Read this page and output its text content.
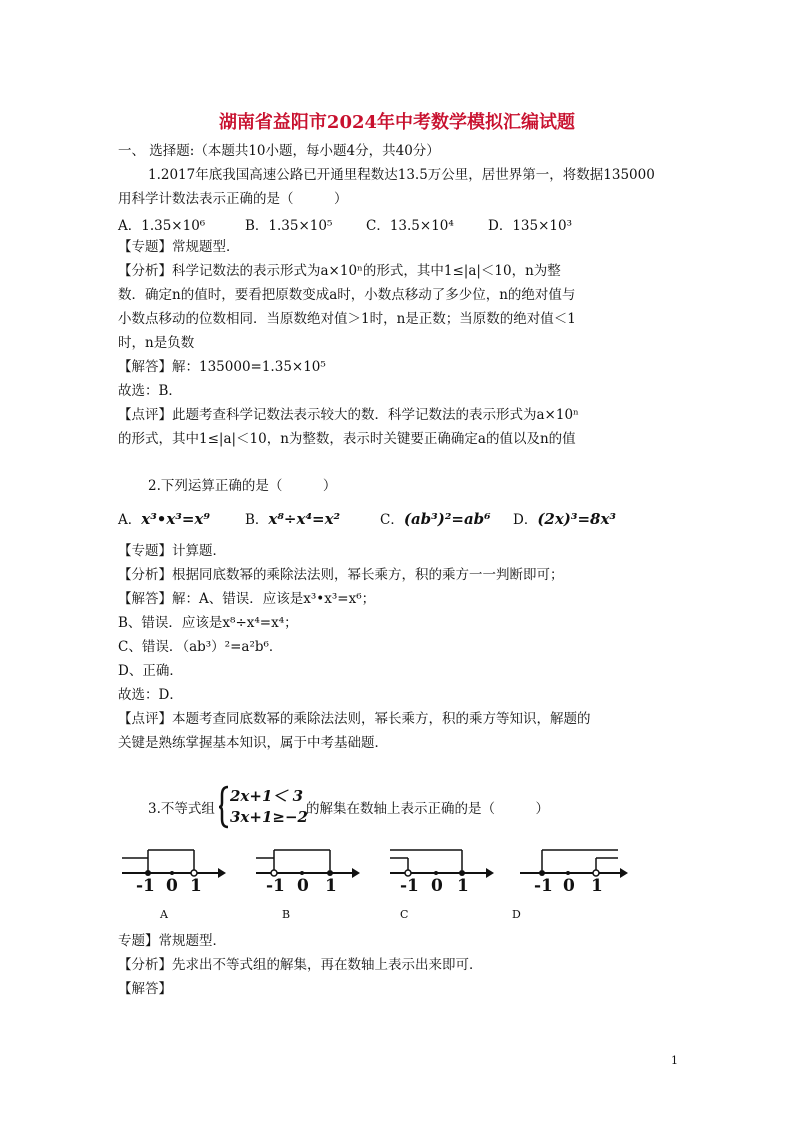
湖南省益阳市2024年中考数学模拟汇编试题
一、 选择题:（本题共10小题，每小题4分，共40分）
1.2017年底我国高速公路已开通里程数达13.5万公里，居世界第一，将数据135000
用科学计数法表示正确的是（　　　）
A．1.35×10⁶	B．1.35×10⁵ C．13.5×10⁴	D．135×10³
【专题】常规题型．
【分析】科学记数法的表示形式为a×10ⁿ的形式，其中1≤|a|＜10，n为整
数．确定n的值时，要看把原数变成a时，小数点移动了多少位，n的绝对值与
小数点移动的位数相同．当原数绝对值＞1时，n是正数；当原数的绝对值＜1
时，n是负数
【解答】解：135000=1.35×10⁵
故选：B．
【点评】此题考查科学记数法表示较大的数．科学记数法的表示形式为a×10ⁿ
的形式，其中1≤|a|＜10，n为整数，表示时关键要正确确定a的值以及n的值
2.下列运算正确的是（　　　）
A．x³•x³=x⁹	B．x⁸÷x⁴=x²	C．(ab³)²=ab⁶ D．(2x)³=8x³
【专题】计算题．
【分析】根据同底数幂的乘除法法则，幂长乘方，积的乘方一一判断即可；
【解答】解：A、错误．应该是x³•x³=x⁶；
B、错误．应该是x⁸÷x⁴=x⁴；
C、错误．（ab³）²=a²b⁶．
D、正确．
故选：D．
【点评】本题考查同底数幂的乘除法法则，幂长乘方，积的乘方等知识，解题的
关键是熟练掌握基本知识，属于中考基础题．
3.不等式组
2x+1＜ 3
3x+1≥−2
的解集在数轴上表示正确的是（　　　）
-1 0 1	-1 0 1	-1 0 1	-1 0 1
A	B	C	D
专题】常规题型．
【分析】先求出不等式组的解集，再在数轴上表示出来即可．
【解答】
1
